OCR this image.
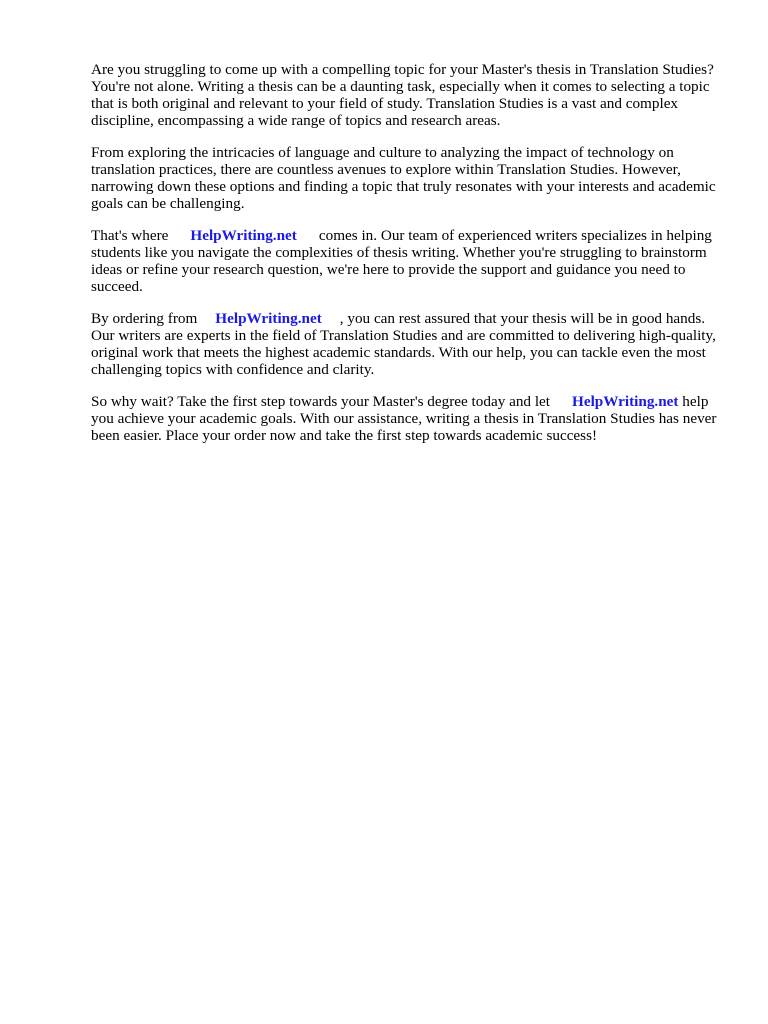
Are you struggling to come up with a compelling topic for your Master's thesis in Translation Studies? You're not alone. Writing a thesis can be a daunting task, especially when it comes to selecting a topic that is both original and relevant to your field of study. Translation Studies is a vast and complex discipline, encompassing a wide range of topics and research areas.

From exploring the intricacies of language and culture to analyzing the impact of technology on translation practices, there are countless avenues to explore within Translation Studies. However, narrowing down these options and finding a topic that truly resonates with your interests and academic goals can be challenging.

That's where HelpWriting.net comes in. Our team of experienced writers specializes in helping students like you navigate the complexities of thesis writing. Whether you're struggling to brainstorm ideas or refine your research question, we're here to provide the support and guidance you need to succeed.

By ordering from HelpWriting.net , you can rest assured that your thesis will be in good hands. Our writers are experts in the field of Translation Studies and are committed to delivering high-quality, original work that meets the highest academic standards. With our help, you can tackle even the most challenging topics with confidence and clarity.

So why wait? Take the first step towards your Master's degree today and let HelpWriting.net help you achieve your academic goals. With our assistance, writing a thesis in Translation Studies has never been easier. Place your order now and take the first step towards academic success!
